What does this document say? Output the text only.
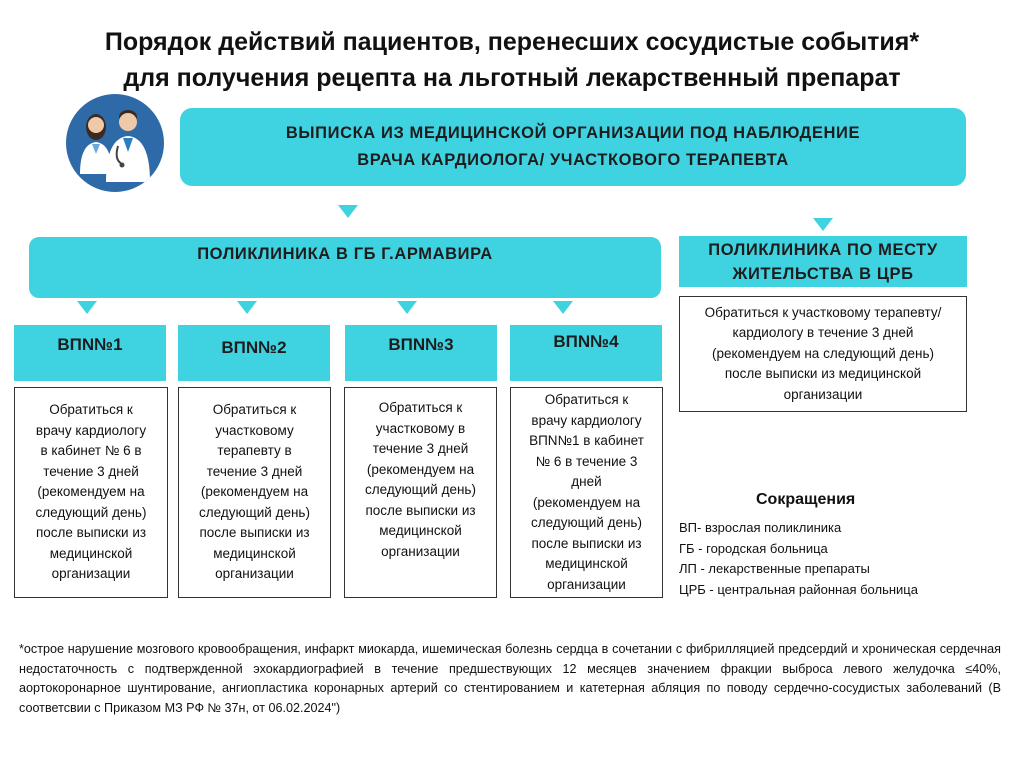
Порядок действий пациентов, перенесших сосудистые события*
для получения рецепта на льготный лекарственный препарат
ВЫПИСКА ИЗ МЕДИЦИНСКОЙ ОРГАНИЗАЦИИ ПОД НАБЛЮДЕНИЕ
ВРАЧА КАРДИОЛОГА/ УЧАСТКОВОГО ТЕРАПЕВТА
ПОЛИКЛИНИКА В ГБ Г.АРМАВИРА	ПОЛИКЛИНИКА ПО МЕСТУ
ЖИТЕЛЬСТВА В ЦРБ
Обратиться к участковому терапевту/
кардиологу в течение 3 дней
(рекомендуем на следующий день)
после выписки из медицинской
организации
ВПN№1	ВПN№2	ВПN№3	ВПN№4
Обратиться к
врачу кардиологу
в кабинет № 6 в
течение 3 дней
(рекомендуем на
следующий день)
после выписки из
медицинской
организации
Обратиться к
участковому
терапевту в
течение 3 дней
(рекомендуем на
следующий день)
после выписки из
медицинской
организации
Обратиться к
участковому в
течение 3 дней
(рекомендуем на
следующий день)
после выписки из
медицинской
организации
Обратиться к
врачу кардиологу
ВПN№1 в кабинет
№ 6 в течение 3
дней
(рекомендуем на
следующий день)
после выписки из
медицинской
организации
Сокращения
ВП- взрослая поликлиника
ГБ - городская больница
ЛП - лекарственные препараты
ЦРБ - центральная районная больница
*острое нарушение мозгового кровообращения, инфаркт миокарда, ишемическая болезнь сердца в сочетании с фибрилляцией предсердий и хроническая сердечная недостаточность с подтвержденной эхокардиографией в течение предшествующих 12 месяцев значением фракции выброса левого желудочка ≤40%, аортокоронарное шунтирование, ангиопластика коронарных артерий со стентированием и катетерная абляция по поводу сердечно-сосудистых заболеваний (В соответсвии с Приказом МЗ РФ № 37н, от 06.02.2024")
